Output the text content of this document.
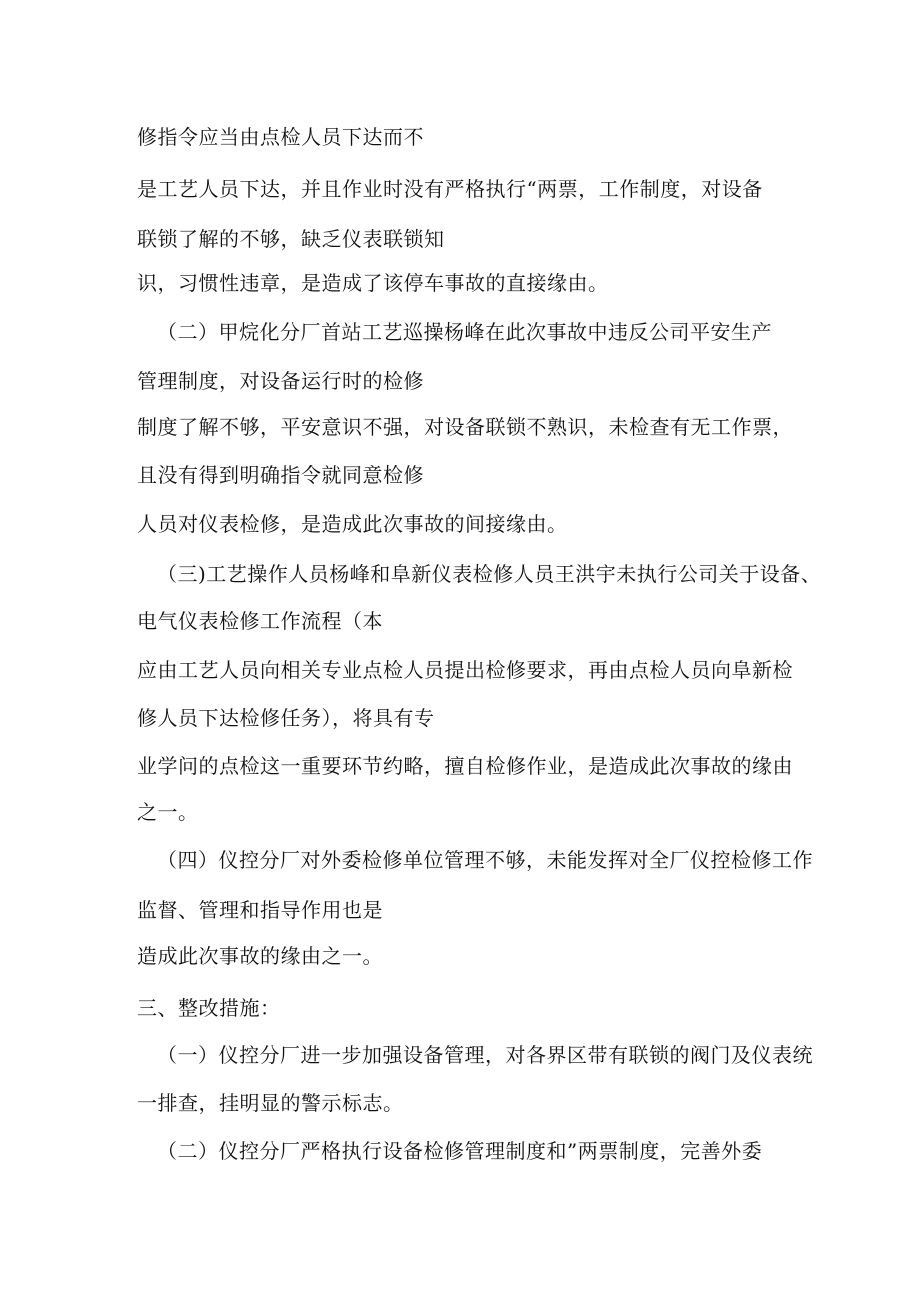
修指令应当由点检人员下达而不
是工艺人员下达，并且作业时没有严格执行“两票，工作制度，对设备
联锁了解的不够，缺乏仪表联锁知
识，习惯性违章，是造成了该停车事故的直接缘由。
（二）甲烷化分厂首站工艺巡操杨峰在此次事故中违反公司平安生产
管理制度，对设备运行时的检修
制度了解不够，平安意识不强，对设备联锁不熟识，未检查有无工作票，
且没有得到明确指令就同意检修
人员对仪表检修，是造成此次事故的间接缘由。
（三)工艺操作人员杨峰和阜新仪表检修人员王洪宇未执行公司关于设备、
电气仪表检修工作流程（本
应由工艺人员向相关专业点检人员提出检修要求，再由点检人员向阜新检
修人员下达检修任务），将具有专
业学问的点检这一重要环节约略，擅自检修作业，是造成此次事故的缘由
之一。
（四）仪控分厂对外委检修单位管理不够，未能发挥对全厂仪控检修工作
监督、管理和指导作用也是
造成此次事故的缘由之一。
三、整改措施：
（一）仪控分厂进一步加强设备管理，对各界区带有联锁的阀门及仪表统
一排查，挂明显的警示标志。
（二）仪控分厂严格执行设备检修管理制度和”两票制度，完善外委
